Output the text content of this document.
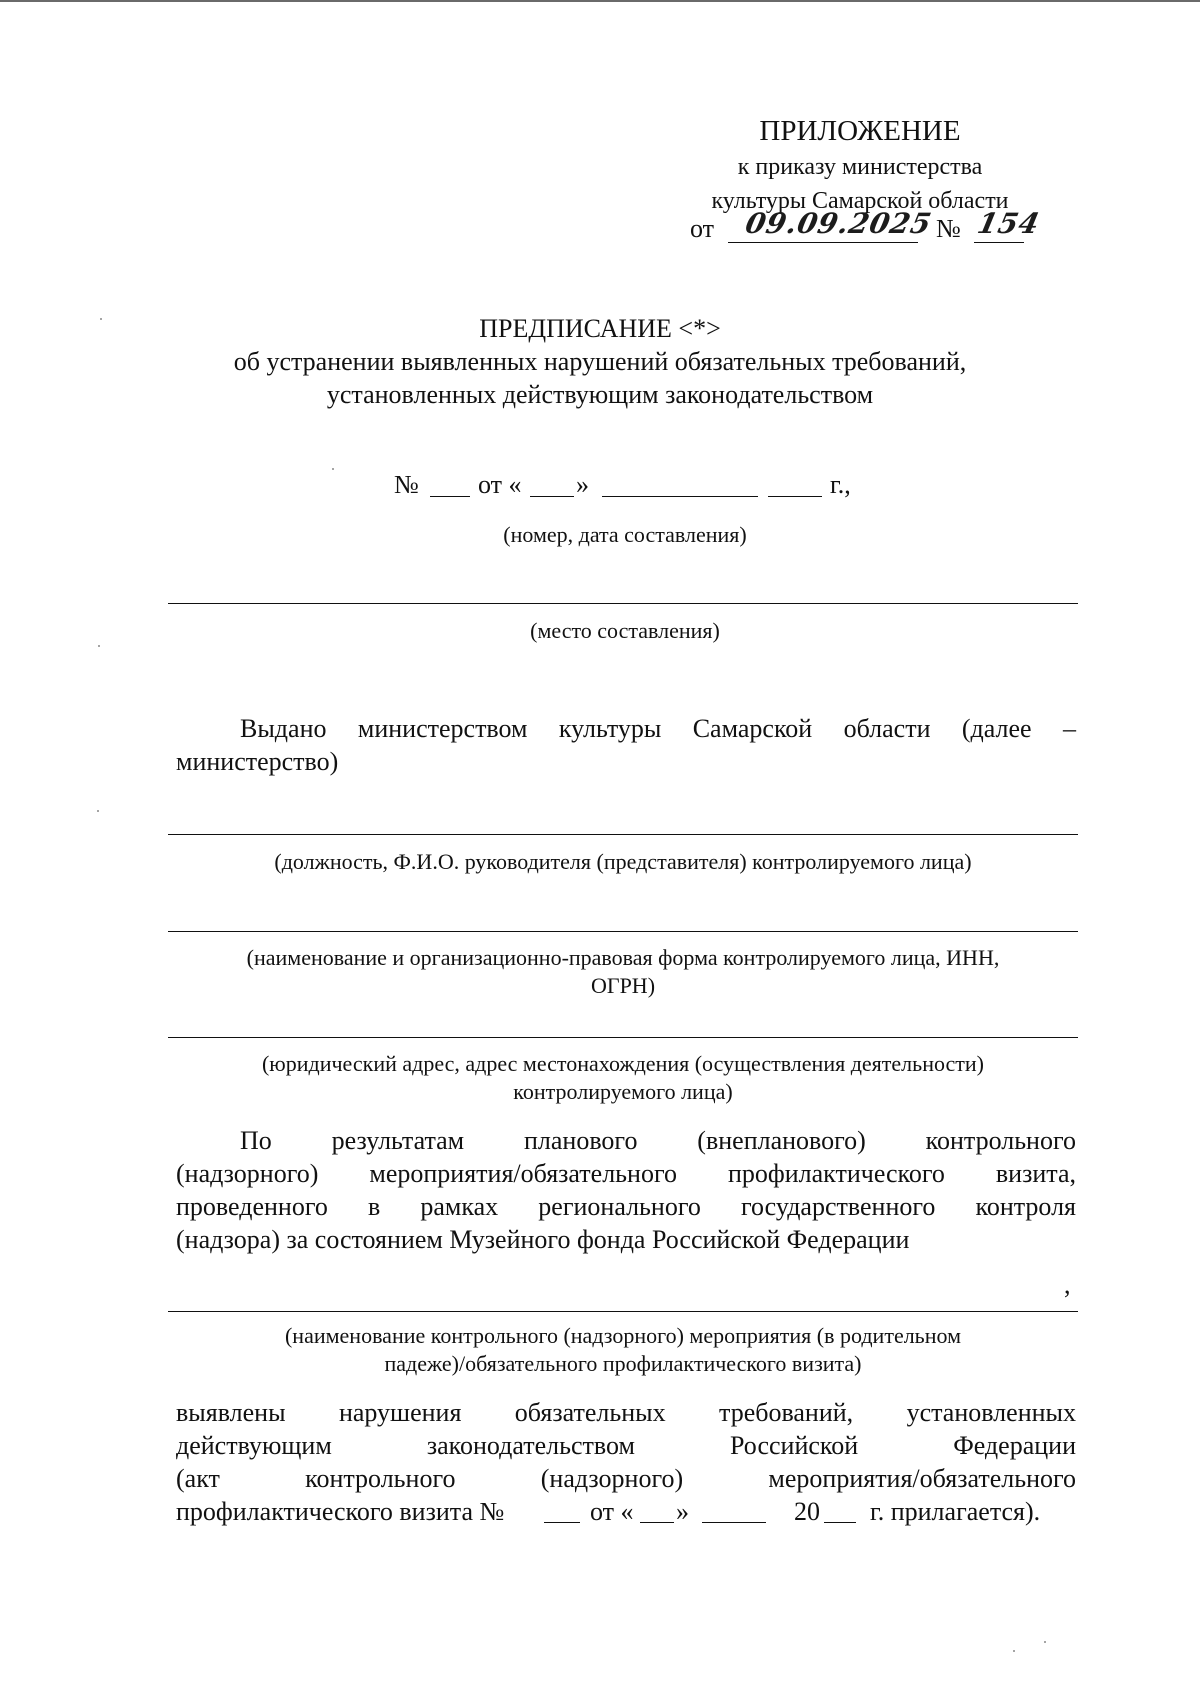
ПРИЛОЖЕНИЕ
к приказу министерства
культуры Самарской области
от 09.09.2025 № 154
ПРЕДПИСАНИЕ <*>
об устранении выявленных нарушений обязательных требований,
установленных действующим законодательством
№ от « »	г.,
(номер, дата составления)
(место составления)
Выдано министерством культуры Самарской области (далее –
министерство)
(должность, Ф.И.О. руководителя (представителя) контролируемого лица)
(наименование и организационно-правовая форма контролируемого лица, ИНН,
ОГРН)
(юридический адрес, адрес местонахождения (осуществления деятельности)
контролируемого лица)
По результатам планового (внепланового) контрольного
(надзорного) мероприятия/обязательного профилактического визита,
проведенного в рамках регионального государственного контроля
(надзора) за состоянием Музейного фонда Российской Федерации
,
(наименование контрольного (надзорного) мероприятия (в родительном
падеже)/обязательного профилактического визита)
выявлены нарушения обязательных требований, установленных
действующим законодательством Российской Федерации
(акт контрольного (надзорного) мероприятия/обязательного
профилактического визита №	от « »	20 г. прилагается).
